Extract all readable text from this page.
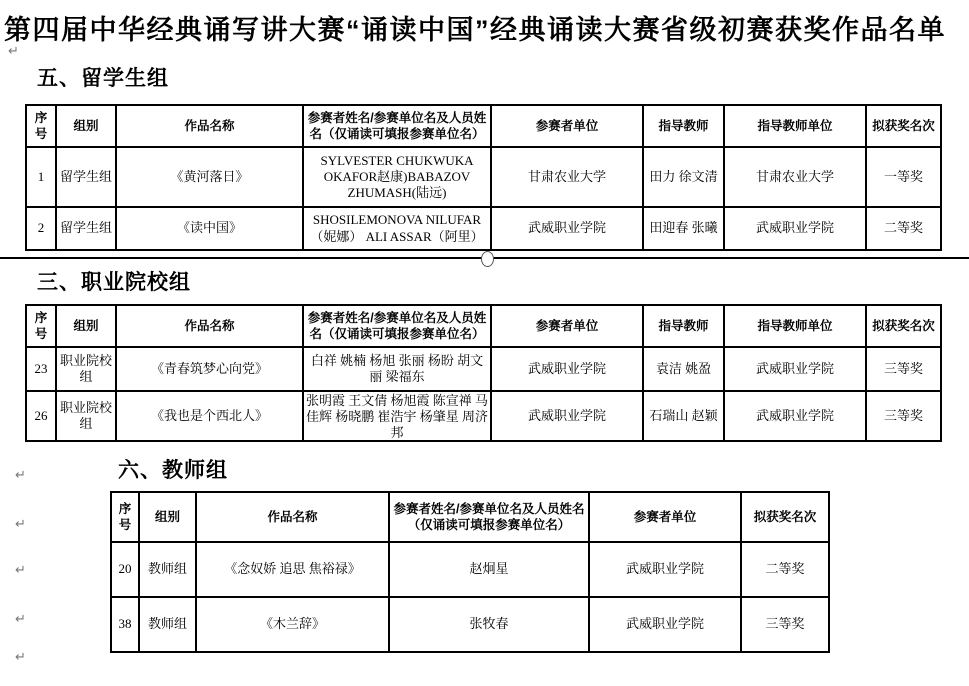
第四届中华经典诵写讲大赛“诵读中国”经典诵读大赛省级初赛获奖作品名单
↵
五、留学生组
序号	组别	作品名称	参赛者姓名/参赛单位名及人员姓名（仅诵读可填报参赛单位名）	参赛者单位	指导教师	指导教师单位	拟获奖名次
1	留学生组	《黄河落日》	SYLVESTER CHUKWUKA OKAFOR赵康)BABAZOV ZHUMASH(陆远)	甘肃农业大学	田力 徐文清	甘肃农业大学	一等奖
2	留学生组	《读中国》	SHOSILEMONOVA NILUFAR（妮娜） ALI ASSAR（阿里）	武威职业学院	田迎春 张曦	武威职业学院	二等奖
三、职业院校组
序号	组别	作品名称	参赛者姓名/参赛单位名及人员姓名（仅诵读可填报参赛单位名）	参赛者单位	指导教师	指导教师单位	拟获奖名次
23	职业院校组	《青春筑梦心向党》	白祥 姚楠 杨旭 张丽 杨盼 胡文丽 梁福东	武威职业学院	袁洁 姚盈	武威职业学院	三等奖
26	职业院校组	《我也是个西北人》	张明霞 王文倩 杨旭霞 陈宣禅 马佳辉 杨晓鹏 崔浩宇 杨肇星 周济邦	武威职业学院	石瑞山 赵颖	武威职业学院	三等奖
六、教师组
序号	组别	作品名称	参赛者姓名/参赛单位名及人员姓名（仅诵读可填报参赛单位名）	参赛者单位	拟获奖名次
20	教师组	《念奴娇 追思 焦裕禄》	赵炯星	武威职业学院	二等奖
38	教师组	《木兰辞》	张牧春	武威职业学院	三等奖
↵
↵
↵
↵
↵
